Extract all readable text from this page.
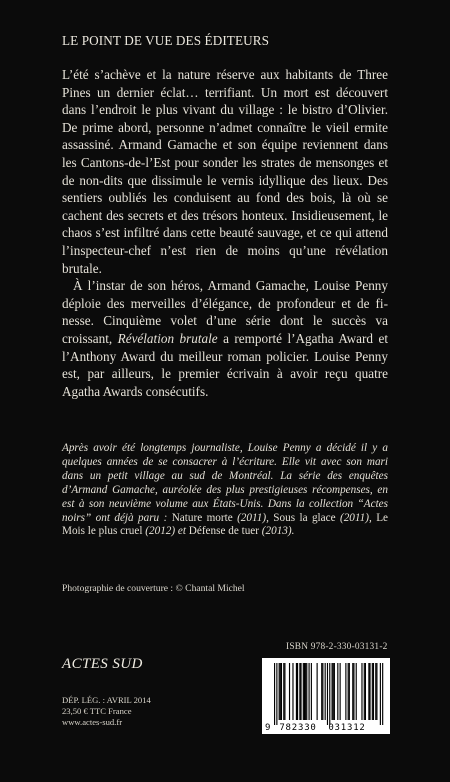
LE POINT DE VUE DES ÉDITEURS

L’été s’achève et la nature réserve aux habitants de Three Pines un dernier éclat… terrifiant. Un mort est découvert dans l’endroit le plus vivant du village : le bistro d’Olivier. De prime abord, personne n’admet connaître le vieil ermite assassiné. Armand Gamache et son équipe reviennent dans les Cantons-de-l’Est pour sonder les strates de mensonges et de non-dits que dissimule le vernis idyllique des lieux. Des sentiers oubliés les conduisent au fond des bois, là où se cachent des secrets et des trésors honteux. Insidieusement, le chaos s’est infiltré dans cette beauté sauvage, et ce qui attend l’inspecteur-chef n’est rien de moins qu’une révélation brutale.

À l’instar de son héros, Armand Gamache, Louise Penny déploie des merveilles d’élégance, de profondeur et de finesse. Cinquième volet d’une série dont le succès va croissant, Révélation brutale a remporté l’Agatha Award et l’Anthony Award du meilleur roman policier. Louise Penny est, par ailleurs, le premier écrivain à avoir reçu quatre Agatha Awards consécutifs.

Après avoir été longtemps journaliste, Louise Penny a décidé il y a quelques années de se consacrer à l’écriture. Elle vit avec son mari dans un petit village au sud de Montréal. La série des enquêtes d’Armand Gamache, auréolée des plus prestigieuses récompenses, en est à son neuvième volume aux États-Unis. Dans la collection “Actes noirs” ont déjà paru : Nature morte (2011), Sous la glace (2011), Le Mois le plus cruel (2012) et Défense de tuer (2013).
Photographie de couverture : © Chantal Michel
ISBN 978-2-330-03131-2
ACTES SUD
DÉP. LÉG. : AVRIL 2014
23,50 € TTC France
www.actes-sud.fr
9 782330 031312
